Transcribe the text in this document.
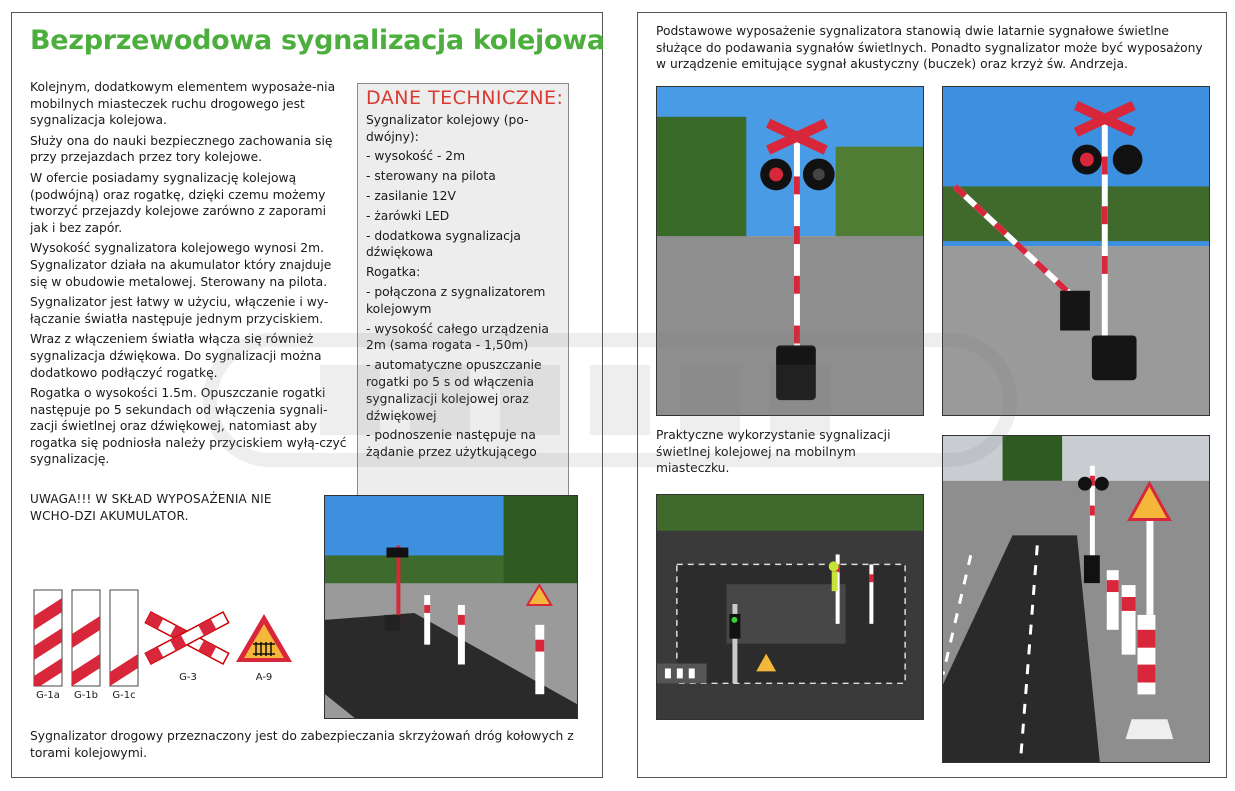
Bezprzewodowa sygnalizacja kolejowa

Kolejnym, dodatkowym elementem wyposaże-nia mobilnych miasteczek ruchu drogowego jest sygnalizacja kolejowa.

Służy ona do nauki bezpiecznego zachowania się przy przejazdach przez tory kolejowe.

W ofercie posiadamy sygnalizację kolejową (podwójną) oraz rogatkę, dzięki czemu możemy tworzyć przejazdy kolejowe zarówno z zaporami jak i bez zapór.

Wysokość sygnalizatora kolejowego wynosi 2m. Sygnalizator działa na akumulator który znajduje się w obudowie metalowej. Sterowany na pilota.

Sygnalizator jest łatwy w użyciu, włączenie i wy-łączanie światła następuje jednym przyciskiem.

Wraz z włączeniem światła włącza się również sygnalizacja dźwiękowa. Do sygnalizacji można dodatkowo podłączyć rogatkę.

Rogatka o wysokości 1.5m. Opuszczanie rogatki następuje po 5 sekundach od włączenia sygnali-zacji świetlnej oraz dźwiękowej, natomiast aby rogatka się podniosła należy przyciskiem wyłą-czyć sygnalizację.

DANE TECHNICZNE:
Sygnalizator kolejowy (po-dwójny):
- wysokość - 2m
- sterowany na pilota
- zasilanie 12V
- żarówki LED
- dodatkowa sygnalizacja dźwiękowa
Rogatka:
- połączona z sygnalizatorem kolejowym
- wysokość całego urządzenia 2m (sama rogata - 1,50m)
- automatyczne opuszczanie rogatki po 5 s od włączenia sygnalizacji kolejowej oraz dźwiękowej
- podnoszenie następuje na żądanie przez użytkującego
UWAGA!!! W SKŁAD WYPOSAŻENIA NIE WCHO-DZI AKUMULATOR.
G-1a	G-1b	G-1c
G-3	A-9
Sygnalizator drogowy przeznaczony jest do zabezpieczania skrzyżowań dróg kołowych z torami kolejowymi.
Podstawowe wyposażenie sygnalizatora stanowią dwie latarnie sygnałowe świetlne służące do podawania sygnałów świetlnych. Ponadto sygnalizator może być wyposażony w urządzenie emitujące sygnał akustyczny (buczek) oraz krzyż św. Andrzeja.
Praktyczne wykorzystanie sygnalizacji świetlnej kolejowej na mobilnym miasteczku.
